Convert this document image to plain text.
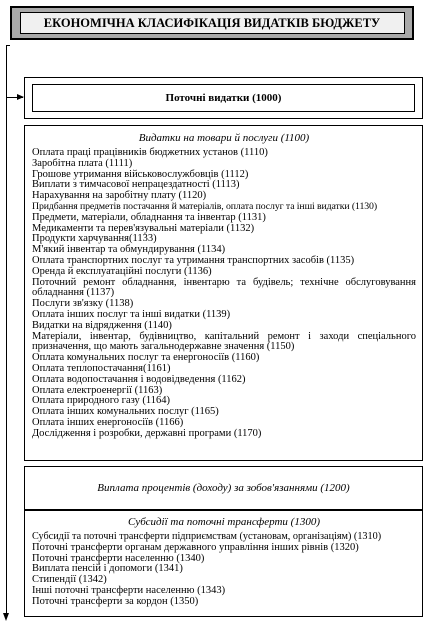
ЕКОНОМІЧНА КЛАСИФІКАЦІЯ ВИДАТКІВ БЮДЖЕТУ
Поточні видатки (1000)
Видатки на товари й послуги (1100)
Оплата праці працівників бюджетних установ (1110)
Заробітна плата (1111)
Грошове утримання військовослужбовців (1112)
Виплати з тимчасової непрацездатності (1113)
Нарахування на заробітну плату (1120)
Придбання предметів постачання й матеріалів, оплата послуг та інші видатки (1130)
Предмети, матеріали, обладнання та інвентар (1131)
Медикаменти та перев'язувальні матеріали (1132)
Продукти харчування(1133)
М'який інвентар та обмундирування (1134)
Оплата транспортних послуг та утримання транспортних засобів (1135)
Оренда й експлуатаційні послуги (1136)
Поточний ремонт обладнання, інвентарю та будівель; технічне обслуговування обладнання (1137)
Послуги зв'язку (1138)
Оплата інших послуг та інші видатки (1139)
Видатки на відрядження (1140)
Матеріали, інвентар, будівництво, капітальний ремонт і заходи спеціального призначення, що мають загальнодержавне значення (1150)
Оплата комунальних послуг та енергоносіїв (1160)
Оплата теплопостачання(1161)
Оплата водопостачання і водовідведення (1162)
Оплата електроенергії (1163)
Оплата природного газу (1164)
Оплата інших комунальних послуг (1165)
Оплата інших енергоносіїв (1166)
Дослідження і розробки, державні програми (1170)
Виплата процентів (доходу) за зобов'язаннями (1200)
Субсидії та поточні трансферти (1300)
Субсидії та поточні трансферти підприємствам (установам, організаціям) (1310)
Поточні трансферти органам державного управління інших рівнів (1320)
Поточні трансферти населенню (1340)
Виплата пенсій і допомоги (1341)
Стипендії (1342)
Інші поточні трансферти населенню (1343)
Поточні трансферти за кордон (1350)
